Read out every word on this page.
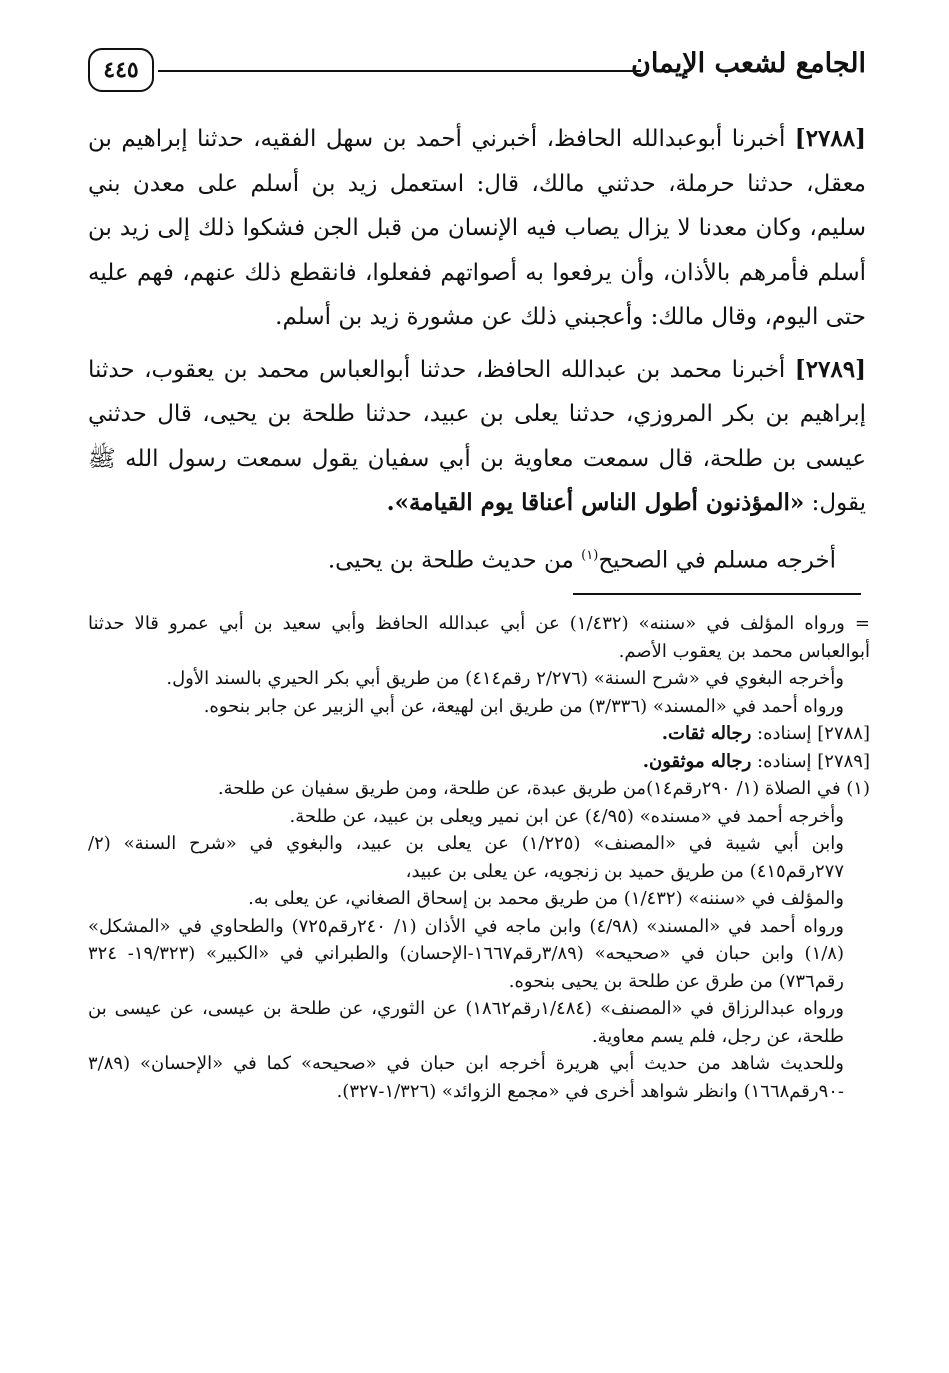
الجامع لشعب الإيمان
٤٤٥

[٢٧٨٨] أخبرنا أبوعبدالله الحافظ، أخبرني أحمد بن سهل الفقيه، حدثنا إبراهيم بن معقل، حدثنا حرملة، حدثني مالك، قال: استعمل زيد بن أسلم على معدن بني سليم، وكان معدنا لا يزال يصاب فيه الإنسان من قبل الجن فشكوا ذلك إلى زيد بن أسلم فأمرهم بالأذان، وأن يرفعوا به أصواتهم ففعلوا، فانقطع ذلك عنهم، فهم عليه حتى اليوم، وقال مالك: وأعجبني ذلك عن مشورة زيد بن أسلم.

[٢٧٨٩] أخبرنا محمد بن عبدالله الحافظ، حدثنا أبوالعباس محمد بن يعقوب، حدثنا إبراهيم بن بكر المروزي، حدثنا يعلى بن عبيد، حدثنا طلحة بن يحيى، قال حدثني عيسى بن طلحة، قال سمعت معاوية بن أبي سفيان يقول سمعت رسول الله ﷺ يقول: «المؤذنون أطول الناس أعناقا يوم القيامة».

أخرجه مسلم في الصحيح$^{(١)}$ من حديث طلحة بن يحيى.

= ورواه المؤلف في «سننه» (١/٤٣٢) عن أبي عبدالله الحافظ وأبي سعيد بن أبي عمرو قالا حدثنا أبوالعباس محمد بن يعقوب الأصم.

وأخرجه البغوي في «شرح السنة» (٢/٢٧٦ رقم٤١٤) من طريق أبي بكر الحيري بالسند الأول.

ورواه أحمد في «المسند» (٣/٣٣٦) من طريق ابن لهيعة، عن أبي الزبير عن جابر بنحوه.

[٢٧٨٨] إسناده: رجاله ثقات.

[٢٧٨٩] إسناده: رجاله موثقون.

(١) في الصلاة (١/ ٢٩٠رقم١٤)من طريق عبدة، عن طلحة، ومن طريق سفيان عن طلحة.

وأخرجه أحمد في «مسنده» (٤/٩٥) عن ابن نمير ويعلى بن عبيد، عن طلحة.

وابن أبي شيبة في «المصنف» (١/٢٢٥) عن يعلى بن عبيد، والبغوي في «شرح السنة» (٢/ ٢٧٧رقم٤١٥) من طريق حميد بن زنجويه، عن يعلى بن عبيد،

والمؤلف في «سننه» (١/٤٣٢) من طريق محمد بن إسحاق الصغاني، عن يعلى به.

ورواه أحمد في «المسند» (٤/٩٨) وابن ماجه في الأذان (١/ ٢٤٠رقم٧٢٥) والطحاوي في «المشكل» (١/٨) وابن حبان في «صحيحه» (٣/٨٩رقم١٦٦٧-الإحسان) والطبراني في «الكبير» (١٩/٣٢٣- ٣٢٤ رقم٧٣٦) من طرق عن طلحة بن يحيى بنحوه.

ورواه عبدالرزاق في «المصنف» (١/٤٨٤رقم١٨٦٢) عن الثوري، عن طلحة بن عيسى، عن عيسى بن طلحة، عن رجل، فلم يسم معاوية.

وللحديث شاهد من حديث أبي هريرة أخرجه ابن حبان في «صحيحه» كما في «الإحسان» (٣/٨٩ -٩٠رقم١٦٦٨) وانظر شواهد أخرى في «مجمع الزوائد» (١/٣٢٦-٣٢٧).
